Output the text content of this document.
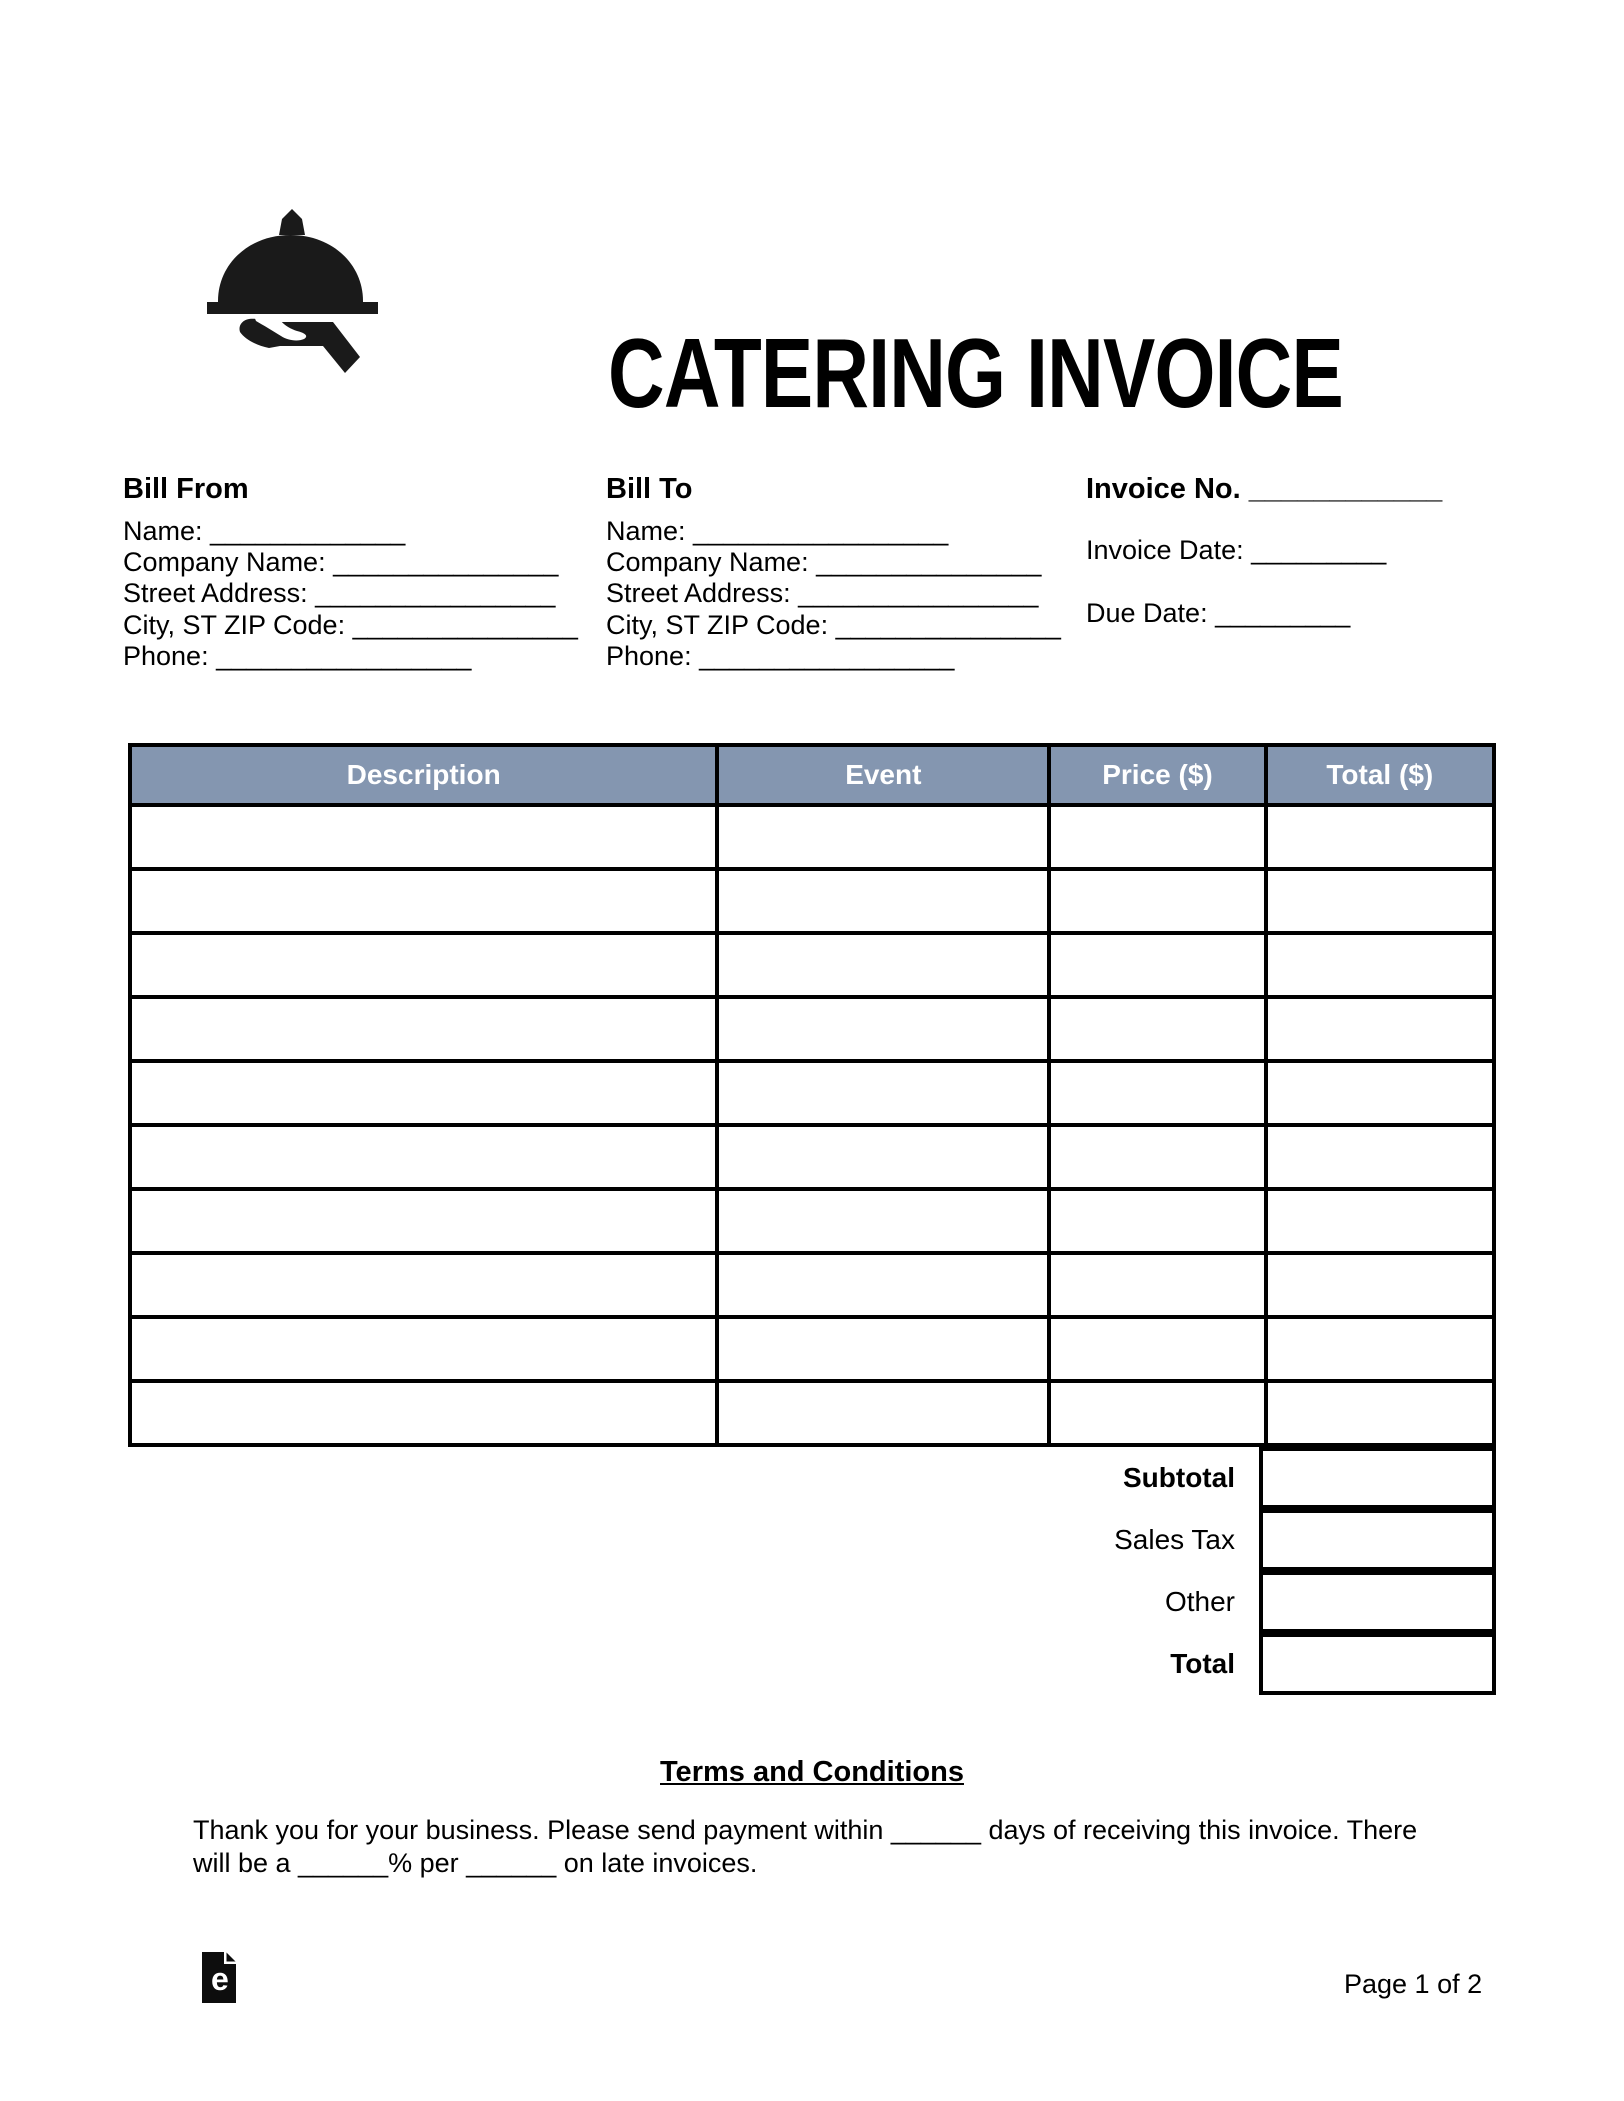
CATERING INVOICE
Bill From
Name: _____________
Company Name: _______________
Street Address: ________________
City, ST ZIP Code: _______________
Phone: _________________
Bill To
Name: _________________
Company Name: _______________
Street Address: ________________
City, ST ZIP Code: _______________
Phone: _________________
Invoice No. ____________
Invoice Date: _________
Due Date: _________
Description	Event	Price ($)	Total ($)

Subtotal
Sales Tax
Other
Total
Terms and Conditions
Thank you for your business. Please send payment within ______ days of receiving this invoice. There
will be a ______% per ______ on late invoices.
e	Page 1 of 2
